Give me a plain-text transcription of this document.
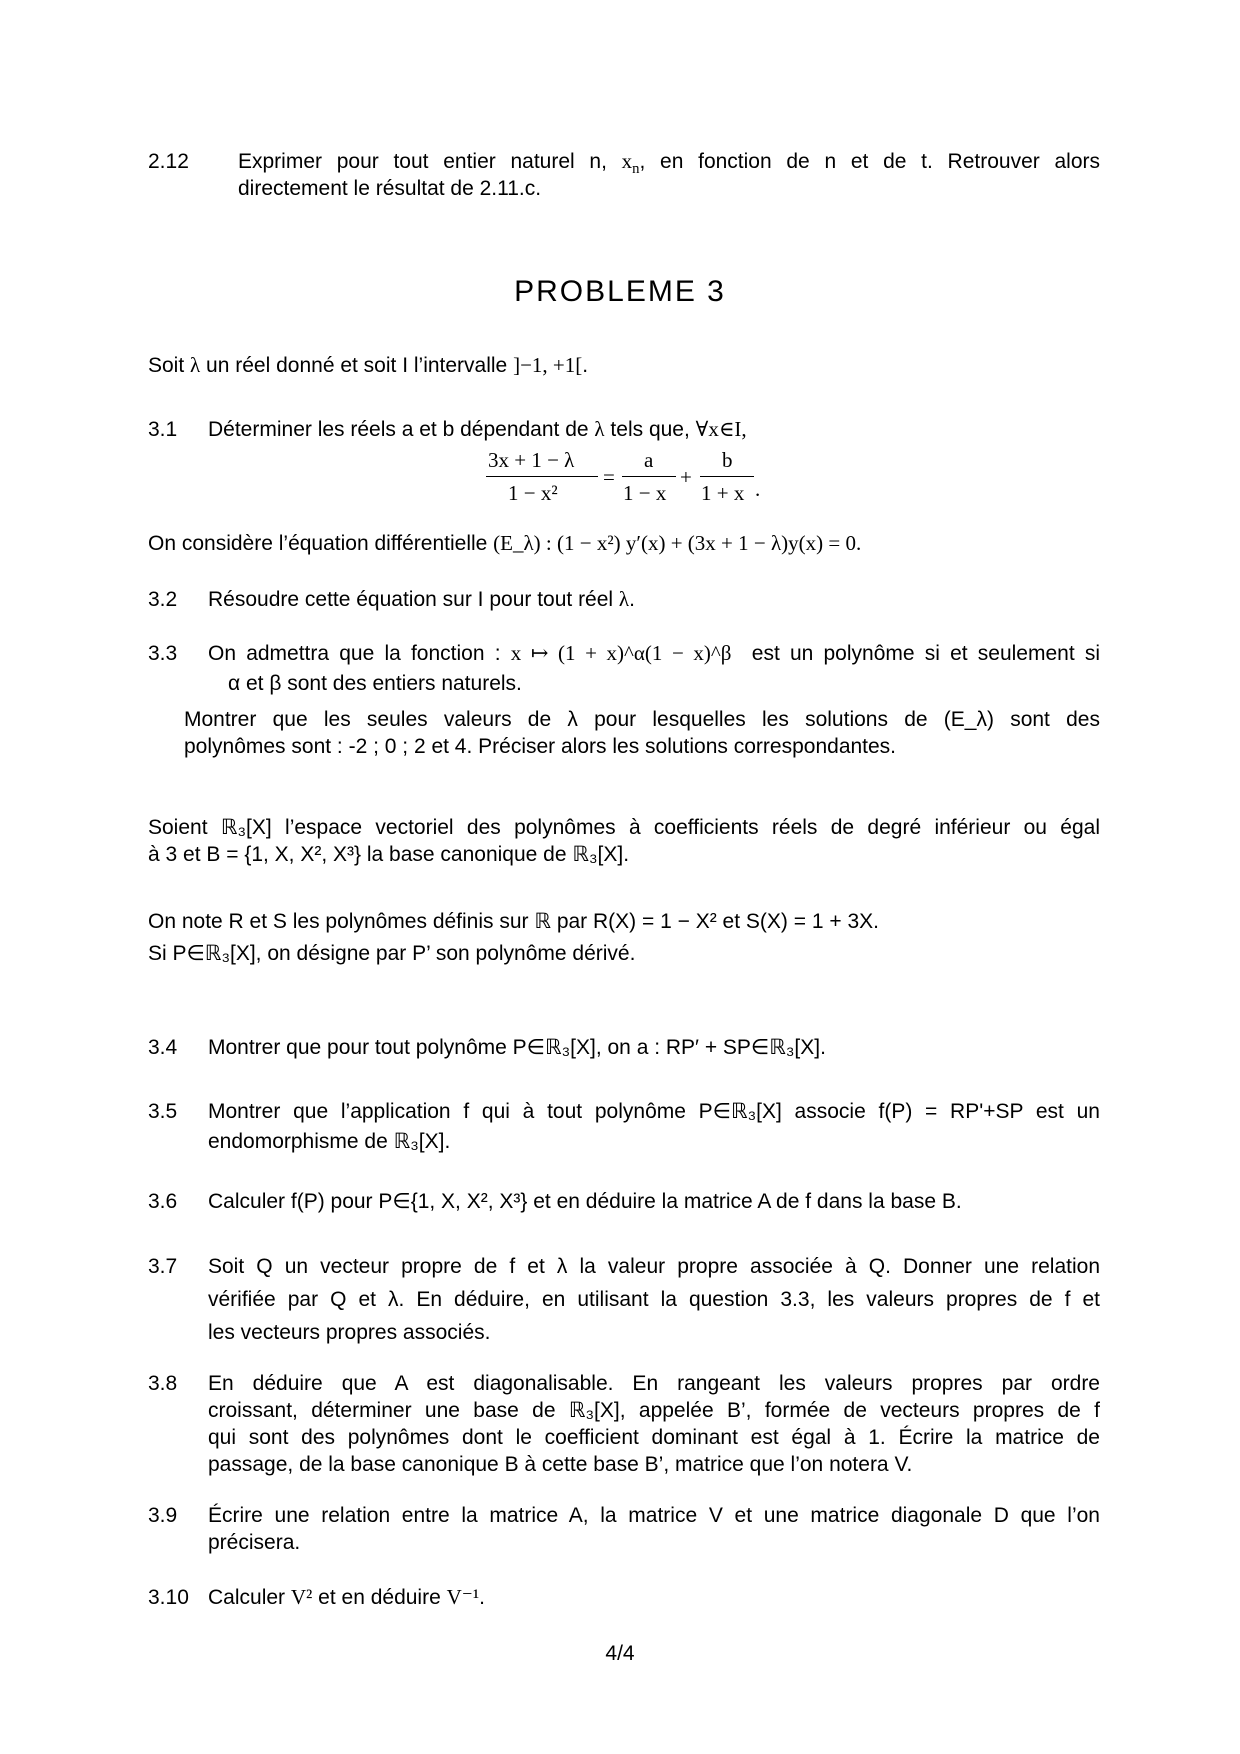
2.12 Exprimer pour tout entier naturel n, $x_n$, en fonction de n et de t. Retrouver alors
directement le résultat de 2.11.c.
PROBLEME 3
Soit λ un réel donné et soit I l’intervalle ]−1, +1[.
3.1 Déterminer les réels a et b dépendant de λ tels que, ∀x∈I,
3x + 1 − λ
1 − x²
=
a
1 − x
+
b
1 + x .
On considère l’équation différentielle (E_λ) : (1 − x²) y′(x) + (3x + 1 − λ)y(x) = 0.
3.2 Résoudre cette équation sur I pour tout réel λ.
3.3 On admettra que la fonction : x ↦ (1 + x)^α(1 − x)^β est un polynôme si et seulement si
α et β sont des entiers naturels.
Montrer que les seules valeurs de λ pour lesquelles les solutions de (E_λ) sont des
polynômes sont : -2 ; 0 ; 2 et 4. Préciser alors les solutions correspondantes.
Soient ℝ₃[X] l’espace vectoriel des polynômes à coefficients réels de degré inférieur ou égal
à 3 et B = {1, X, X², X³} la base canonique de ℝ₃[X].
On note R et S les polynômes définis sur ℝ par R(X) = 1 − X² et S(X) = 1 + 3X.
Si P∈ℝ₃[X], on désigne par P’ son polynôme dérivé.
3.4 Montrer que pour tout polynôme P∈ℝ₃[X], on a : RP′ + SP∈ℝ₃[X].
3.5 Montrer que l’application f qui à tout polynôme P∈ℝ₃[X] associe f(P) = RP'+SP est un
endomorphisme de ℝ₃[X].
3.6 Calculer f(P) pour P∈{1, X, X², X³} et en déduire la matrice A de f dans la base B.
3.7 Soit Q un vecteur propre de f et λ la valeur propre associée à Q. Donner une relation
vérifiée par Q et λ. En déduire, en utilisant la question 3.3, les valeurs propres de f et
les vecteurs propres associés.
3.8 En déduire que A est diagonalisable. En rangeant les valeurs propres par ordre
croissant, déterminer une base de ℝ₃[X], appelée B’, formée de vecteurs propres de f
qui sont des polynômes dont le coefficient dominant est égal à 1. Écrire la matrice de
passage, de la base canonique B à cette base B’, matrice que l’on notera V.
3.9 Écrire une relation entre la matrice A, la matrice V et une matrice diagonale D que l’on
précisera.
3.10 Calculer V² et en déduire V⁻¹.
4/4
